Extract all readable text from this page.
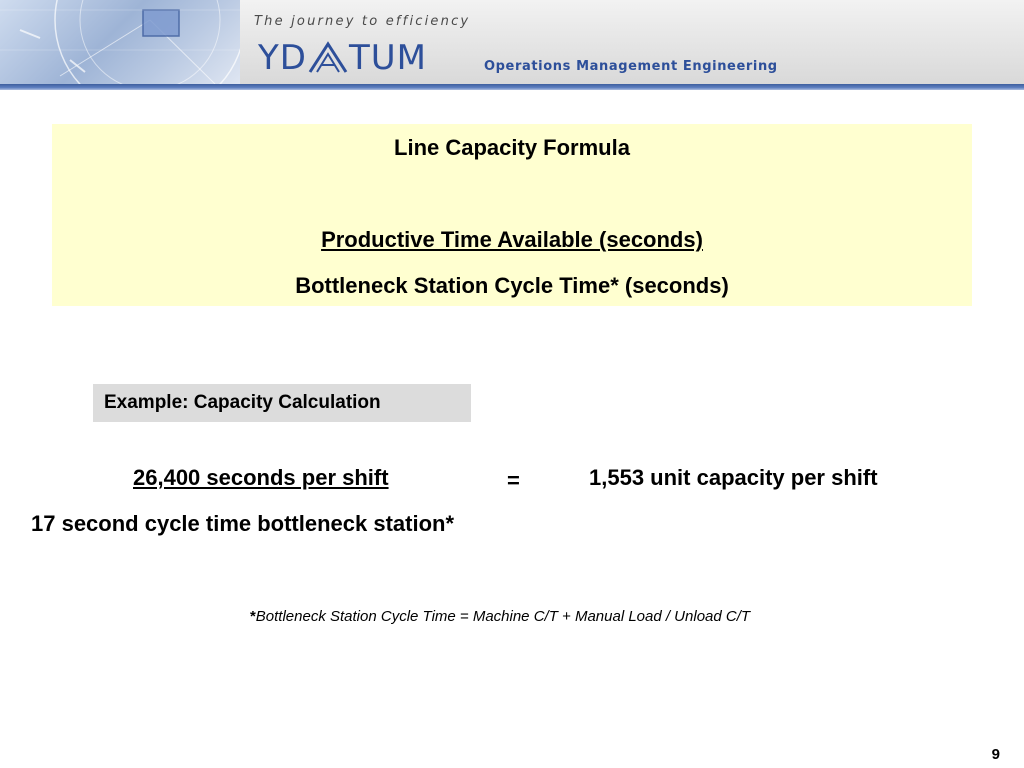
The journey to efficiency
YD TUM	Operations Management Engineering
Line Capacity Formula
Productive Time Available (seconds)
Bottleneck Station Cycle Time* (seconds)
Example: Capacity Calculation
26,400 seconds per shift	=	1,553 unit capacity per shift
17 second cycle time bottleneck station*
*Bottleneck Station Cycle Time = Machine C/T + Manual Load / Unload C/T
9
